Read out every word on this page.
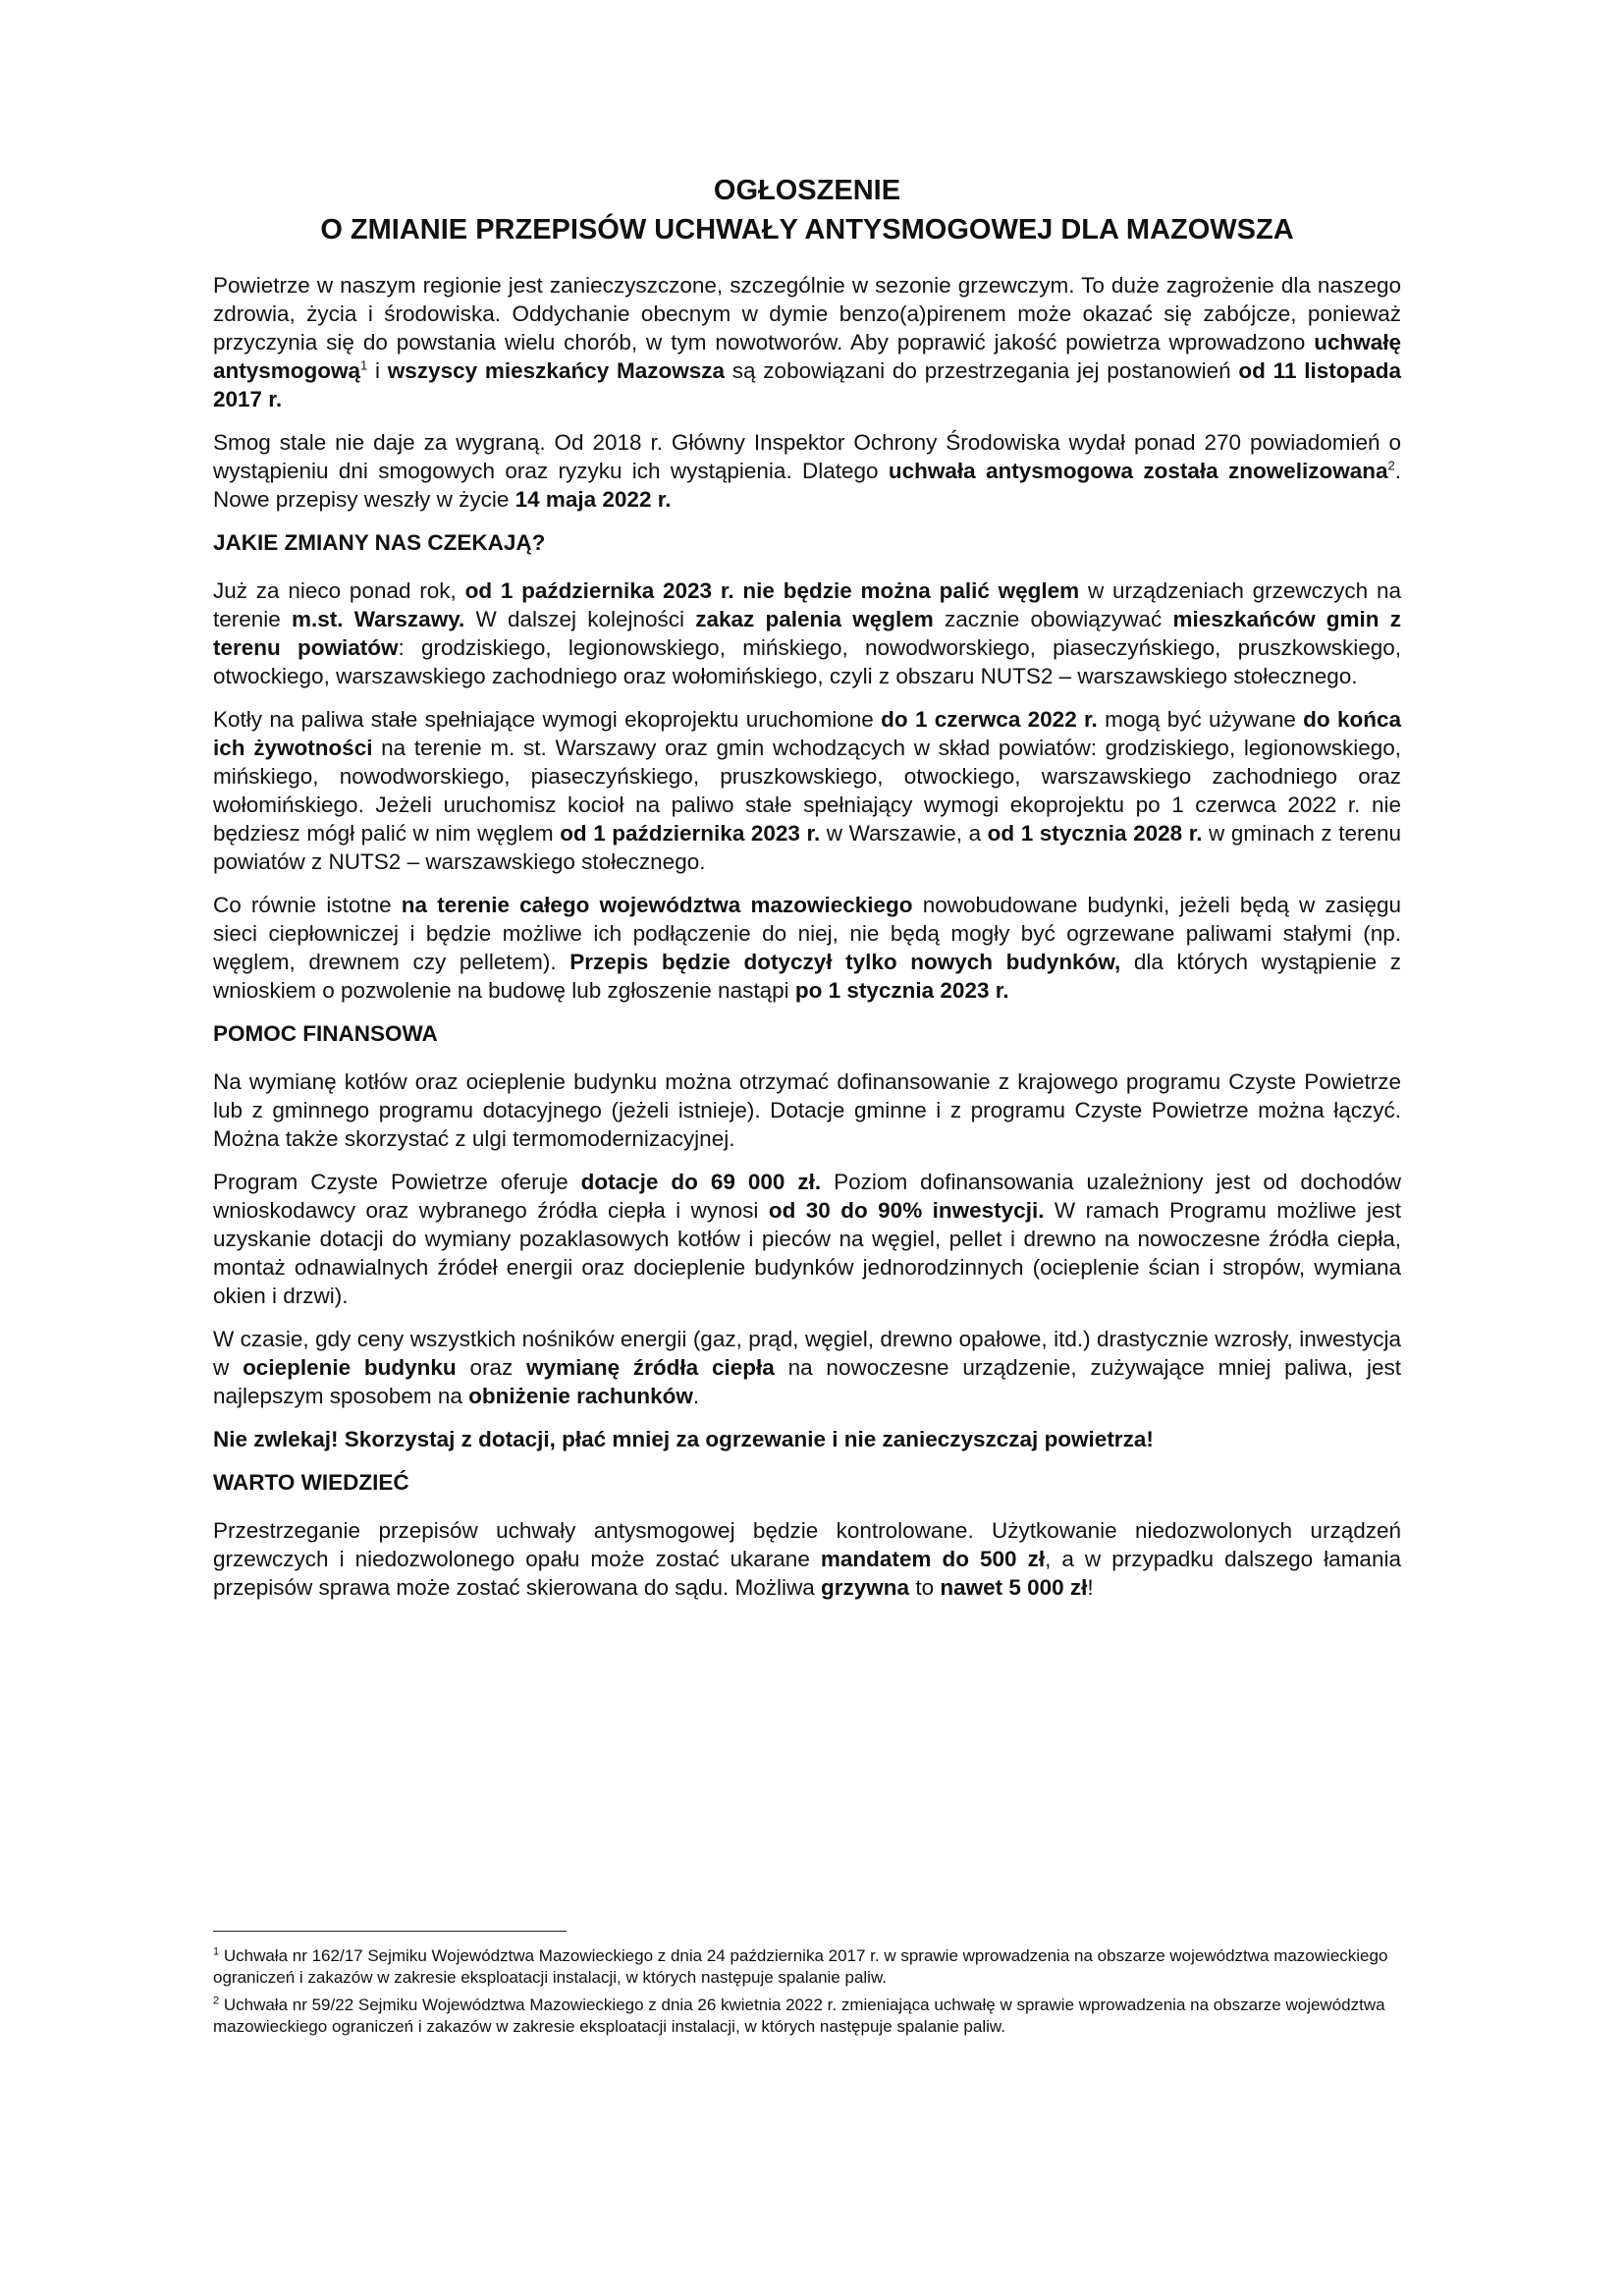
OGŁOSZENIE
O ZMIANIE PRZEPISÓW UCHWAŁY ANTYSMOGOWEJ DLA MAZOWSZA

Powietrze w naszym regionie jest zanieczyszczone, szczególnie w sezonie grzewczym. To duże zagrożenie dla naszego zdrowia, życia i środowiska. Oddychanie obecnym w dymie benzo(a)pirenem może okazać się zabójcze, ponieważ przyczynia się do powstania wielu chorób, w tym nowotworów. Aby poprawić jakość powietrza wprowadzono uchwałę antysmogową$^1$ i wszyscy mieszkańcy Mazowsza są zobowiązani do przestrzegania jej postanowień od 11 listopada 2017 r.

Smog stale nie daje za wygraną. Od 2018 r. Główny Inspektor Ochrony Środowiska wydał ponad 270 powiadomień o wystąpieniu dni smogowych oraz ryzyku ich wystąpienia. Dlatego uchwała antysmogowa została znowelizowana$^2$. Nowe przepisy weszły w życie 14 maja 2022 r.

JAKIE ZMIANY NAS CZEKAJĄ?

Już za nieco ponad rok, od 1 października 2023 r. nie będzie można palić węglem w urządzeniach grzewczych na terenie m.st. Warszawy. W dalszej kolejności zakaz palenia węglem zacznie obowiązywać mieszkańców gmin z terenu powiatów: grodziskiego, legionowskiego, mińskiego, nowodworskiego, piaseczyńskiego, pruszkowskiego, otwockiego, warszawskiego zachodniego oraz wołomińskiego, czyli z obszaru NUTS2 – warszawskiego stołecznego.

Kotły na paliwa stałe spełniające wymogi ekoprojektu uruchomione do 1 czerwca 2022 r. mogą być używane do końca ich żywotności na terenie m. st. Warszawy oraz gmin wchodzących w skład powiatów: grodziskiego, legionowskiego, mińskiego, nowodworskiego, piaseczyńskiego, pruszkowskiego, otwockiego, warszawskiego zachodniego oraz wołomińskiego. Jeżeli uruchomisz kocioł na paliwo stałe spełniający wymogi ekoprojektu po 1 czerwca 2022 r. nie będziesz mógł palić w nim węglem od 1 października 2023 r. w Warszawie, a od 1 stycznia 2028 r. w gminach z terenu powiatów z NUTS2 – warszawskiego stołecznego.

Co równie istotne na terenie całego województwa mazowieckiego nowobudowane budynki, jeżeli będą w zasięgu sieci ciepłowniczej i będzie możliwe ich podłączenie do niej, nie będą mogły być ogrzewane paliwami stałymi (np. węglem, drewnem czy pelletem). Przepis będzie dotyczył tylko nowych budynków, dla których wystąpienie z wnioskiem o pozwolenie na budowę lub zgłoszenie nastąpi po 1 stycznia 2023 r.

POMOC FINANSOWA

Na wymianę kotłów oraz ocieplenie budynku można otrzymać dofinansowanie z krajowego programu Czyste Powietrze lub z gminnego programu dotacyjnego (jeżeli istnieje). Dotacje gminne i z programu Czyste Powietrze można łączyć. Można także skorzystać z ulgi termomodernizacyjnej.

Program Czyste Powietrze oferuje dotacje do 69 000 zł. Poziom dofinansowania uzależniony jest od dochodów wnioskodawcy oraz wybranego źródła ciepła i wynosi od 30 do 90% inwestycji. W ramach Programu możliwe jest uzyskanie dotacji do wymiany pozaklasowych kotłów i pieców na węgiel, pellet i drewno na nowoczesne źródła ciepła, montaż odnawialnych źródeł energii oraz docieplenie budynków jednorodzinnych (ocieplenie ścian i stropów, wymiana okien i drzwi).

W czasie, gdy ceny wszystkich nośników energii (gaz, prąd, węgiel, drewno opałowe, itd.) drastycznie wzrosły, inwestycja w ocieplenie budynku oraz wymianę źródła ciepła na nowoczesne urządzenie, zużywające mniej paliwa, jest najlepszym sposobem na obniżenie rachunków.

Nie zwlekaj! Skorzystaj z dotacji, płać mniej za ogrzewanie i nie zanieczyszczaj powietrza!

WARTO WIEDZIEĆ

Przestrzeganie przepisów uchwały antysmogowej będzie kontrolowane. Użytkowanie niedozwolonych urządzeń grzewczych i niedozwolonego opału może zostać ukarane mandatem do 500 zł, a w przypadku dalszego łamania przepisów sprawa może zostać skierowana do sądu. Możliwa grzywna to nawet 5 000 zł!

$^1$ Uchwała nr 162/17 Sejmiku Województwa Mazowieckiego z dnia 24 października 2017 r. w sprawie wprowadzenia na obszarze województwa mazowieckiego ograniczeń i zakazów w zakresie eksploatacji instalacji, w których następuje spalanie paliw.

$^2$ Uchwała nr 59/22 Sejmiku Województwa Mazowieckiego z dnia 26 kwietnia 2022 r. zmieniająca uchwałę w sprawie wprowadzenia na obszarze województwa mazowieckiego ograniczeń i zakazów w zakresie eksploatacji instalacji, w których następuje spalanie paliw.
